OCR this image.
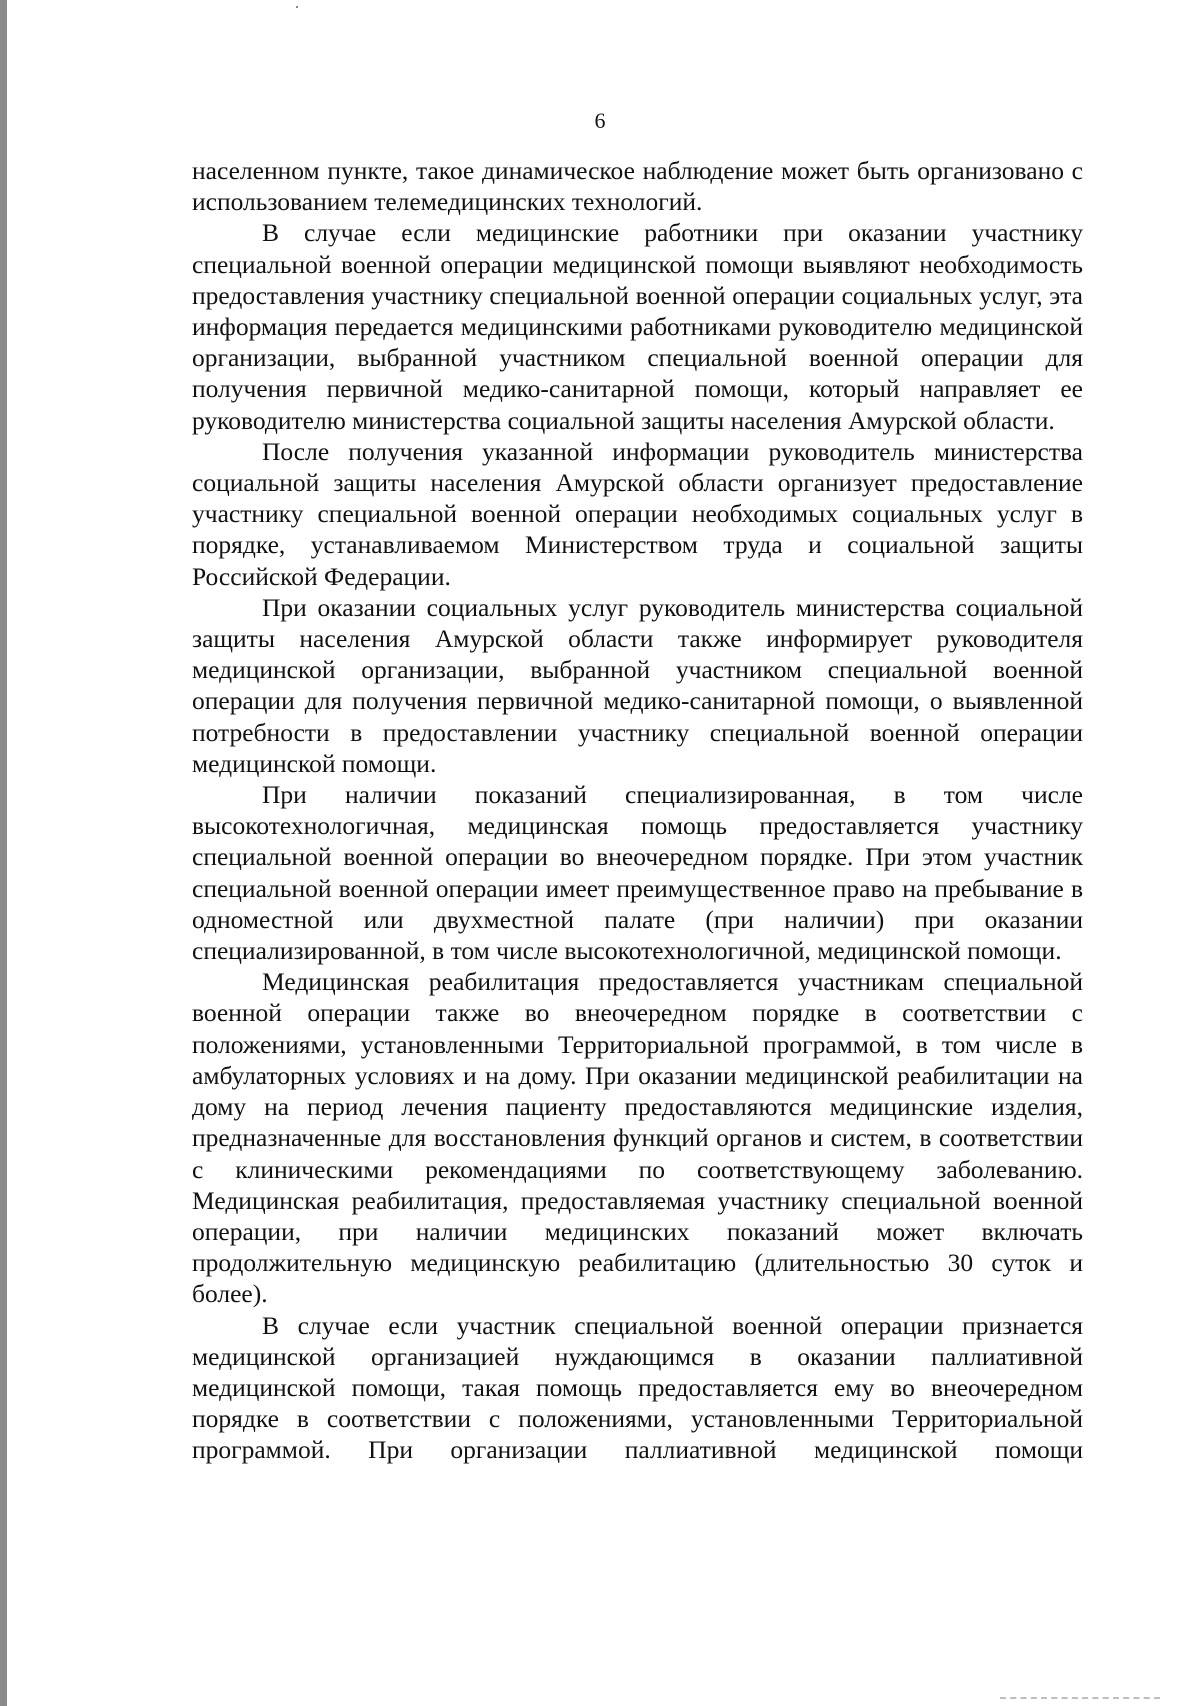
6

населенном пункте, такое динамическое наблюдение может быть организовано с использованием телемедицинских технологий.

В случае если медицинские работники при оказании участнику специальной военной операции медицинской помощи выявляют необходимость предоставления участнику специальной военной операции социальных услуг, эта информация передается медицинскими работниками руководителю медицинской организации, выбранной участником специальной военной операции для получения первичной медико-санитарной помощи, который направляет ее руководителю министерства социальной защиты населения Амурской области.

После получения указанной информации руководитель министерства социальной защиты населения Амурской области организует предоставление участнику специальной военной операции необходимых социальных услуг в порядке, устанавливаемом Министерством труда и социальной защиты Российской Федерации.

При оказании социальных услуг руководитель министерства социальной защиты населения Амурской области также информирует руководителя медицинской организации, выбранной участником специальной военной операции для получения первичной медико-санитарной помощи, о выявленной потребности в предоставлении участнику специальной военной операции медицинской помощи.

При наличии показаний специализированная, в том числе высокотехнологичная, медицинская помощь предоставляется участнику специальной военной операции во внеочередном порядке. При этом участник специальной военной операции имеет преимущественное право на пребывание в одноместной или двухместной палате (при наличии) при оказании специализированной, в том числе высокотехнологичной, медицинской помощи.

Медицинская реабилитация предоставляется участникам специальной военной операции также во внеочередном порядке в соответствии с положениями, установленными Территориальной программой, в том числе в амбулаторных условиях и на дому. При оказании медицинской реабилитации на дому на период лечения пациенту предоставляются медицинские изделия, предназначенные для восстановления функций органов и систем, в соответствии с клиническими рекомендациями по соответствующему заболеванию. Медицинская реабилитация, предоставляемая участнику специальной военной операции, при наличии медицинских показаний может включать продолжительную медицинскую реабилитацию (длительностью 30 суток и более).

В случае если участник специальной военной операции признается медицинской организацией нуждающимся в оказании паллиативной медицинской помощи, такая помощь предоставляется ему во внеочередном порядке в соответствии с положениями, установленными Территориальной программой. При организации паллиативной медицинской помощи
